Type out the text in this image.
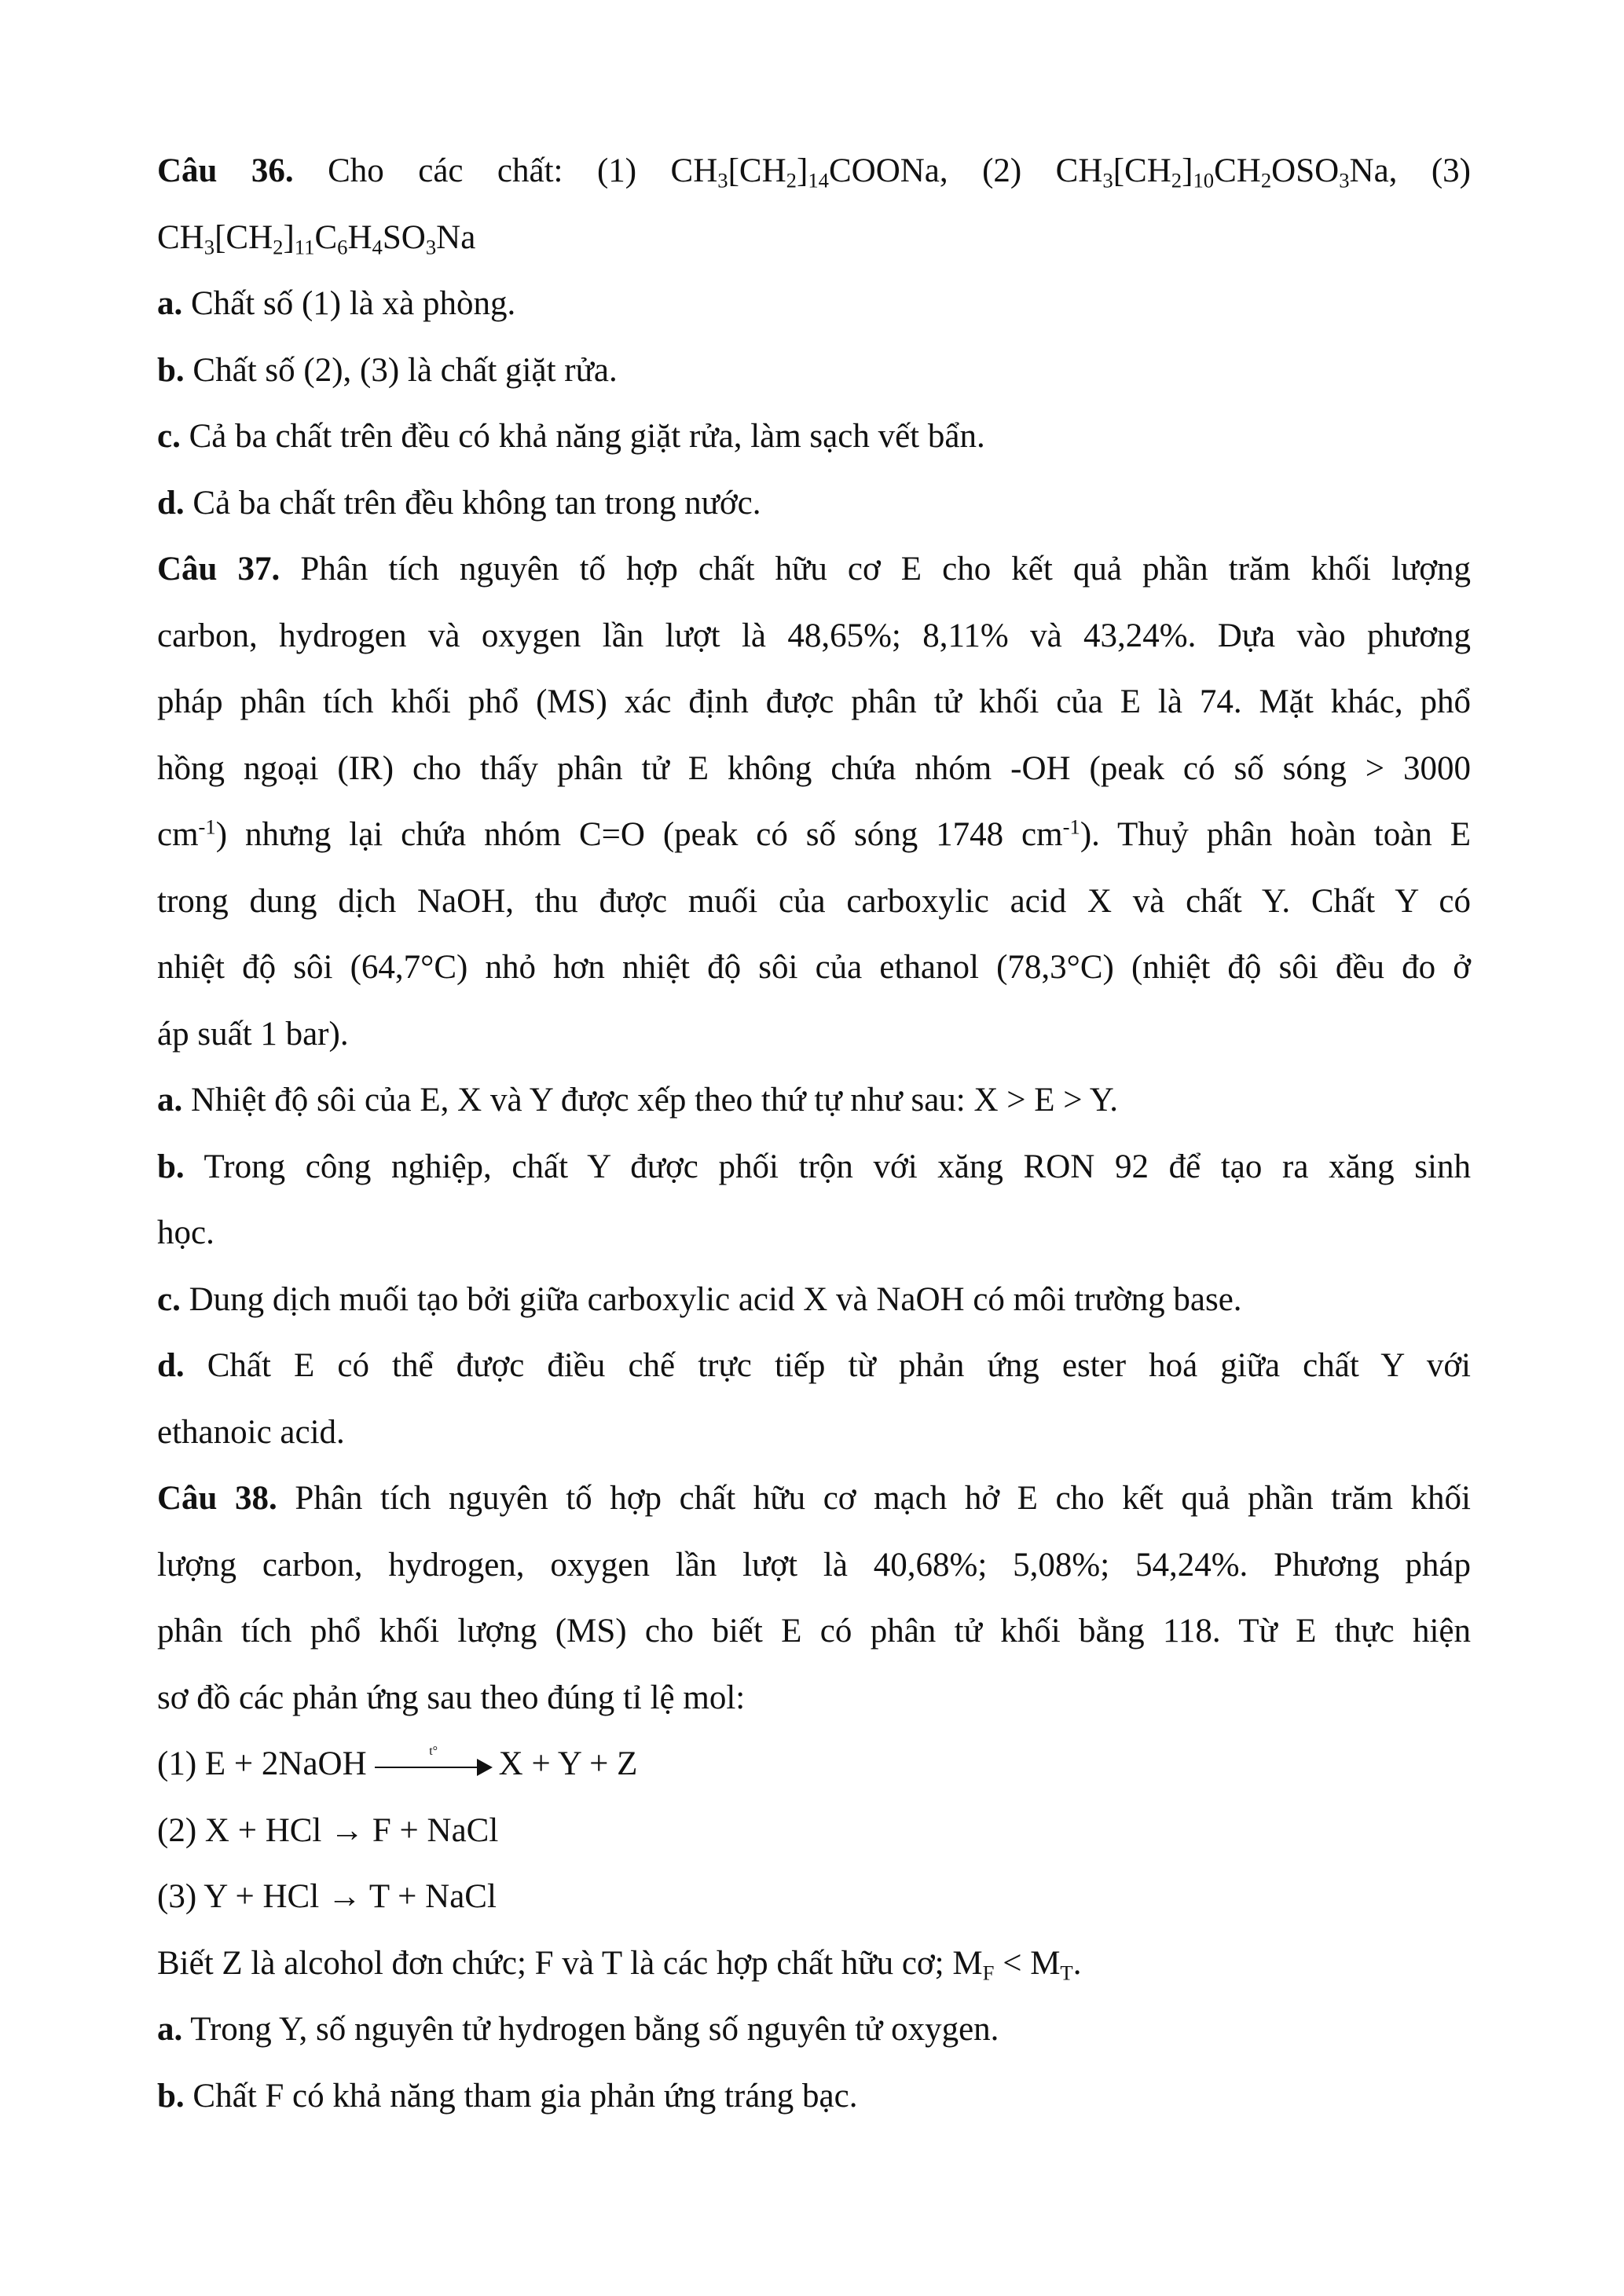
Câu 36. Cho các chất: (1) $CH_3[CH_2]_{14}COONa$, (2) $CH_3[CH_2]_{10}CH_2OSO_3Na$, (3)
$CH_3[CH_2]_{11}C_6H_4SO_3Na$
a. Chất số (1) là xà phòng.
b. Chất số (2), (3) là chất giặt rửa.
c. Cả ba chất trên đều có khả năng giặt rửa, làm sạch vết bẩn.
d. Cả ba chất trên đều không tan trong nước.
Câu 37. Phân tích nguyên tố hợp chất hữu cơ E cho kết quả phần trăm khối lượng
carbon, hydrogen và oxygen lần lượt là 48,65%; 8,11% và 43,24%. Dựa vào phương
pháp phân tích khối phổ (MS) xác định được phân tử khối của E là 74. Mặt khác, phổ
hồng ngoại (IR) cho thấy phân tử E không chứa nhóm -OH (peak có số sóng > 3000
$cm^{-1}$) nhưng lại chứa nhóm C=O (peak có số sóng 1748 $cm^{-1}$). Thuỷ phân hoàn toàn E
trong dung dịch NaOH, thu được muối của carboxylic acid X và chất Y. Chất Y có
nhiệt độ sôi (64,7°C) nhỏ hơn nhiệt độ sôi của ethanol (78,3°C) (nhiệt độ sôi đều đo ở
áp suất 1 bar).
a. Nhiệt độ sôi của E, X và Y được xếp theo thứ tự như sau: X > E > Y.
b. Trong công nghiệp, chất Y được phối trộn với xăng RON 92 để tạo ra xăng sinh
học.
c. Dung dịch muối tạo bởi giữa carboxylic acid X và NaOH có môi trường base.
d. Chất E có thể được điều chế trực tiếp từ phản ứng ester hoá giữa chất Y với
ethanoic acid.
Câu 38. Phân tích nguyên tố hợp chất hữu cơ mạch hở E cho kết quả phần trăm khối
lượng carbon, hydrogen, oxygen lần lượt là 40,68%; 5,08%; 54,24%. Phương pháp
phân tích phổ khối lượng (MS) cho biết E có phân tử khối bằng 118. Từ E thực hiện
sơ đồ các phản ứng sau theo đúng tỉ lệ mol:
(1) E + 2NaOH	t°	X + Y + Z
(2) X + HCl → F + NaCl
(3) Y + HCl → T + NaCl
Biết Z là alcohol đơn chức; F và T là các hợp chất hữu cơ; $M_F < M_T$.
a. Trong Y, số nguyên tử hydrogen bằng số nguyên tử oxygen.
b. Chất F có khả năng tham gia phản ứng tráng bạc.
